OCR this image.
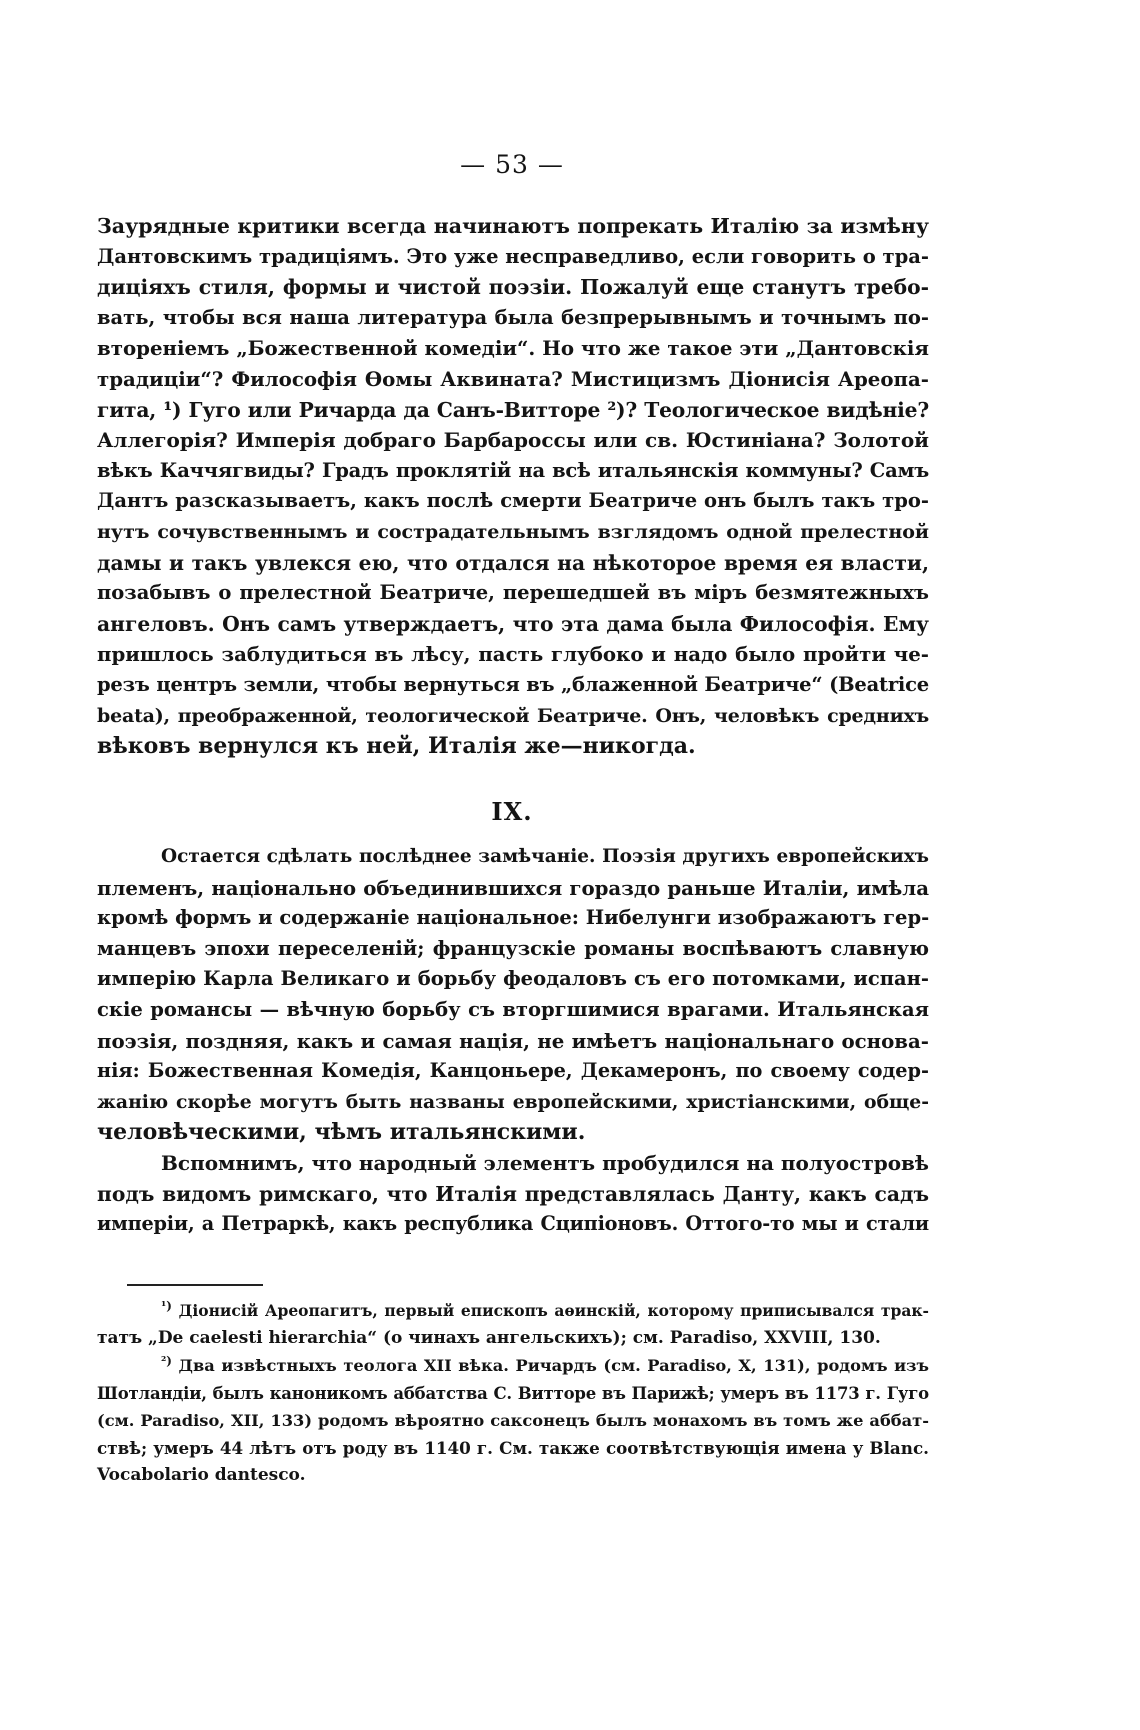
— 53 —
Заурядные критики всегда начинаютъ попрекать Италію за измѣну
Дантовскимъ традиціямъ. Это уже несправедливо, если говорить о тра-
диціяхъ стиля, формы и чистой поэзіи. Пожалуй еще станутъ требо-
вать, чтобы вся наша литература была безпрерывнымъ и точнымъ по-
втореніемъ „Божественной комедіи“. Но что же такое эти „Дантовскія
традиціи“? Философія Ѳомы Аквината? Мистицизмъ Діонисія Ареопа-
гита, ¹) Гуго или Ричарда да Санъ-Витторе ²)? Теологическое видѣніе?
Аллегорія? Имперія добраго Барбароссы или св. Юстиніана? Золотой
вѣкъ Каччягвиды? Градъ проклятій на всѣ итальянскія коммуны? Самъ
Дантъ разсказываетъ, какъ послѣ смерти Беатриче онъ былъ такъ тро-
нутъ сочувственнымъ и сострадательнымъ взглядомъ одной прелестной
дамы и такъ увлекся ею, что отдался на нѣкоторое время ея власти,
позабывъ о прелестной Беатриче, перешедшей въ міръ безмятежныхъ
ангеловъ. Онъ самъ утверждаетъ, что эта дама была Философія. Ему
пришлось заблудиться въ лѣсу, пасть глубоко и надо было пройти че-
резъ центръ земли, чтобы вернуться въ „блаженной Беатриче“ (Beatrice
beata), преображенной, теологической Беатриче. Онъ, человѣкъ среднихъ
вѣковъ вернулся къ ней, Италія же—никогда.
IX.
Остается сдѣлать послѣднее замѣчаніе. Поэзія другихъ европейскихъ
племенъ, національно объединившихся гораздо раньше Италіи, имѣла
кромѣ формъ и содержаніе національное: Нибелунги изображаютъ гер-
манцевъ эпохи переселеній; французскіе романы воспѣваютъ славную
имперію Карла Великаго и борьбу феодаловъ съ его потомками, испан-
скіе романсы — вѣчную борьбу съ вторгшимися врагами. Итальянская
поэзія, поздняя, какъ и самая нація, не имѣетъ національнаго основа-
нія: Божественная Комедія, Канцоньере, Декамеронъ, по своему содер-
жанію скорѣе могутъ быть названы европейскими, христіанскими, обще-
человѣческими, чѣмъ итальянскими.
Вспомнимъ, что народный элементъ пробудился на полуостровѣ
подъ видомъ римскаго, что Италія представлялась Данту, какъ садъ
имперіи, а Петраркѣ, какъ республика Сципіоновъ. Оттого-то мы и стали
$^{^1)}$ Діонисій Ареопагитъ, первый епископъ аѳинскій, которому приписывался трак-
татъ „De caelesti hierarchia“ (о чинахъ ангельскихъ); см. Paradiso, XXVIII, 130.
$^{^2)}$ Два извѣстныхъ теолога XII вѣка. Ричардъ (см. Paradiso, X, 131), родомъ изъ
Шотландіи, былъ каноникомъ аббатства С. Витторе въ Парижѣ; умеръ въ 1173 г. Гуго
(см. Paradiso, XII, 133) родомъ вѣроятно саксонецъ былъ монахомъ въ томъ же аббат-
ствѣ; умеръ 44 лѣтъ отъ роду въ 1140 г. См. также соотвѣтствующія имена у Blanc.
Vocabolario dantesco.
